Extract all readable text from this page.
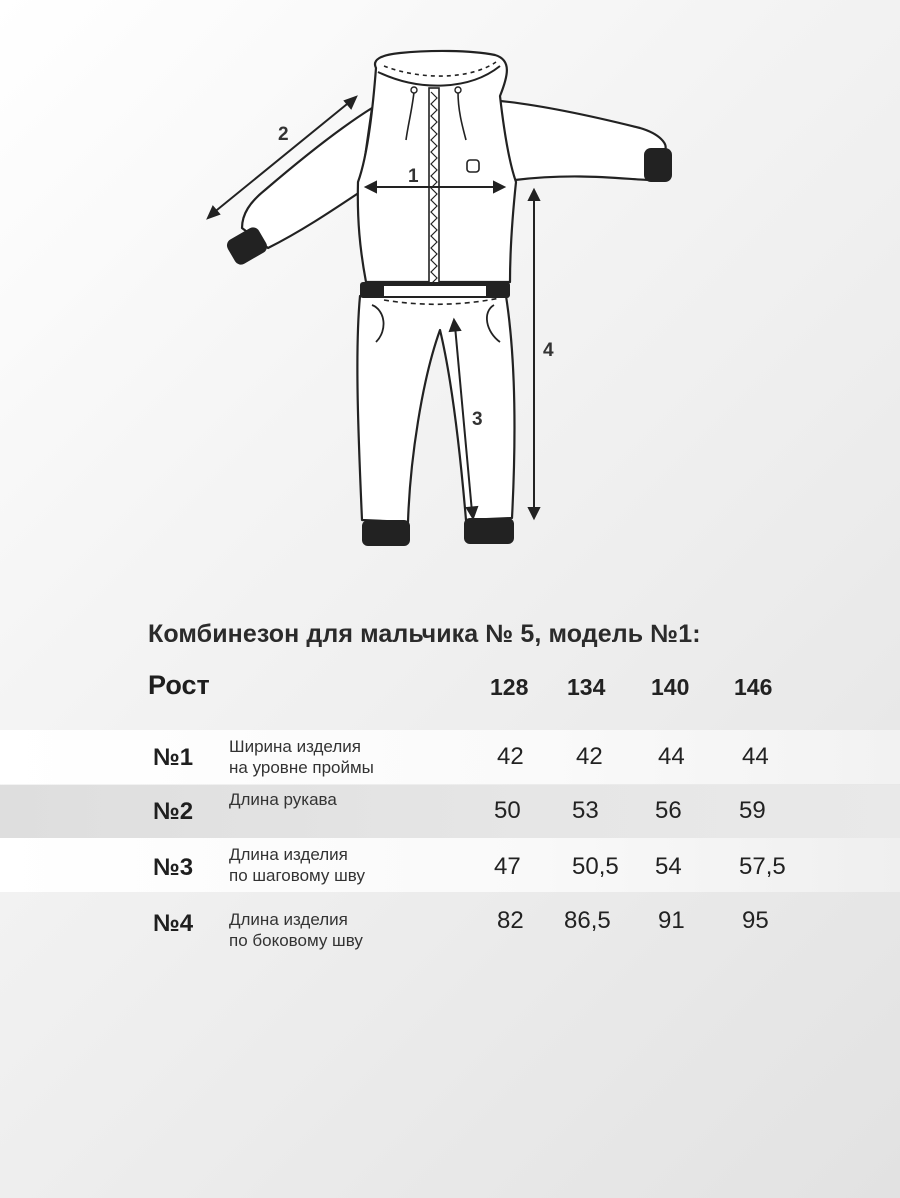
1
2
3
4
Комбинезон для мальчика № 5, модель №1:
Рост	128 134 140 146
№1 Ширина изделия
на уровне проймы	42 42 44 44
№2 Длина рукава	50 53 56 59
№3 Длина изделия
по шаговому шву	47 50,5 54 57,5
№4 Длина изделия
по боковому шву
82 86,5 91 95
